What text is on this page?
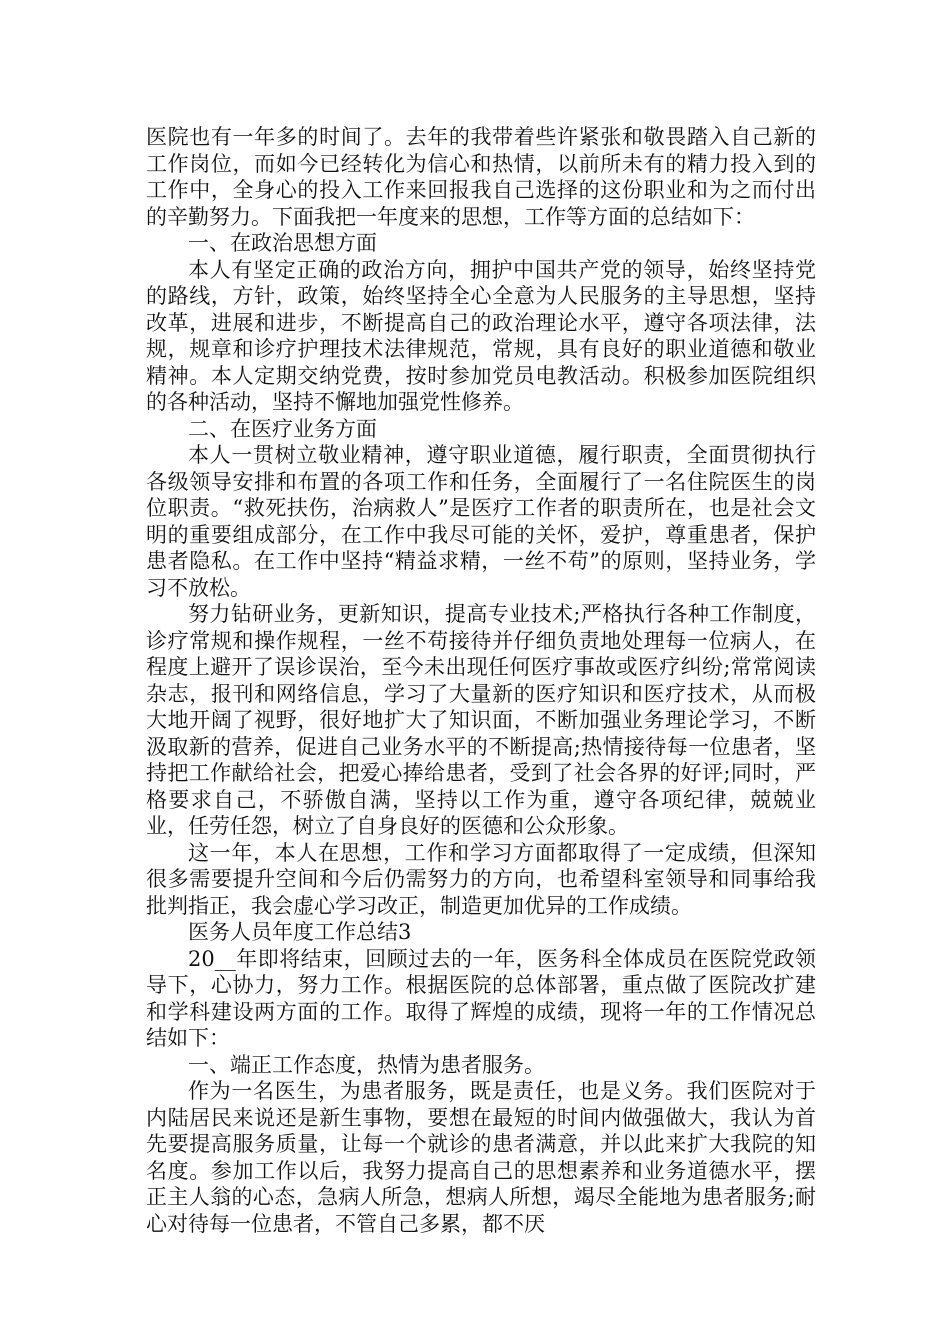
医院也有一年多的时间了。去年的我带着些许紧张和敬畏踏入自己新的工作岗位，而如今已经转化为信心和热情，以前所未有的精力投入到的工作中，全身心的投入工作来回报我自己选择的这份职业和为之而付出的辛勤努力。下面我把一年度来的思想，工作等方面的总结如下：

一、在政治思想方面

本人有坚定正确的政治方向，拥护中国共产党的领导，始终坚持党的路线，方针，政策，始终坚持全心全意为人民服务的主导思想，坚持改革，进展和进步，不断提高自己的政治理论水平，遵守各项法律，法规，规章和诊疗护理技术法律规范，常规，具有良好的职业道德和敬业精神。本人定期交纳党费，按时参加党员电教活动。积极参加医院组织的各种活动，坚持不懈地加强党性修养。

二、在医疗业务方面

本人一贯树立敬业精神，遵守职业道德，履行职责，全面贯彻执行各级领导安排和布置的各项工作和任务，全面履行了一名住院医生的岗位职责。“救死扶伤，治病救人”是医疗工作者的职责所在，也是社会文明的重要组成部分，在工作中我尽可能的关怀，爱护，尊重患者，保护患者隐私。在工作中坚持“精益求精，一丝不苟”的原则，坚持业务，学习不放松。

努力钻研业务，更新知识，提高专业技术;严格执行各种工作制度，诊疗常规和操作规程，一丝不苟接待并仔细负责地处理每一位病人，在程度上避开了误诊误治，至今未出现任何医疗事故或医疗纠纷;常常阅读杂志，报刊和网络信息，学习了大量新的医疗知识和医疗技术，从而极大地开阔了视野，很好地扩大了知识面，不断加强业务理论学习，不断汲取新的营养，促进自己业务水平的不断提高;热情接待每一位患者，坚持把工作献给社会，把爱心捧给患者，受到了社会各界的好评;同时，严格要求自己，不骄傲自满，坚持以工作为重，遵守各项纪律，兢兢业业，任劳任怨，树立了自身良好的医德和公众形象。

这一年，本人在思想，工作和学习方面都取得了一定成绩，但深知很多需要提升空间和今后仍需努力的方向，也希望科室领导和同事给我批判指正，我会虚心学习改正，制造更加优异的工作成绩。

医务人员年度工作总结3

20__年即将结束，回顾过去的一年，医务科全体成员在医院党政领导下，心协力，努力工作。根据医院的总体部署，重点做了医院改扩建和学科建设两方面的工作。取得了辉煌的成绩，现将一年的工作情况总结如下：

一、端正工作态度，热情为患者服务。

作为一名医生，为患者服务，既是责任，也是义务。我们医院对于内陆居民来说还是新生事物，要想在最短的时间内做强做大，我认为首先要提高服务质量，让每一个就诊的患者满意，并以此来扩大我院的知名度。参加工作以后，我努力提高自己的思想素养和业务道德水平，摆正主人翁的心态，急病人所急，想病人所想，竭尽全能地为患者服务;耐心对待每一位患者，不管自己多累，都不厌
